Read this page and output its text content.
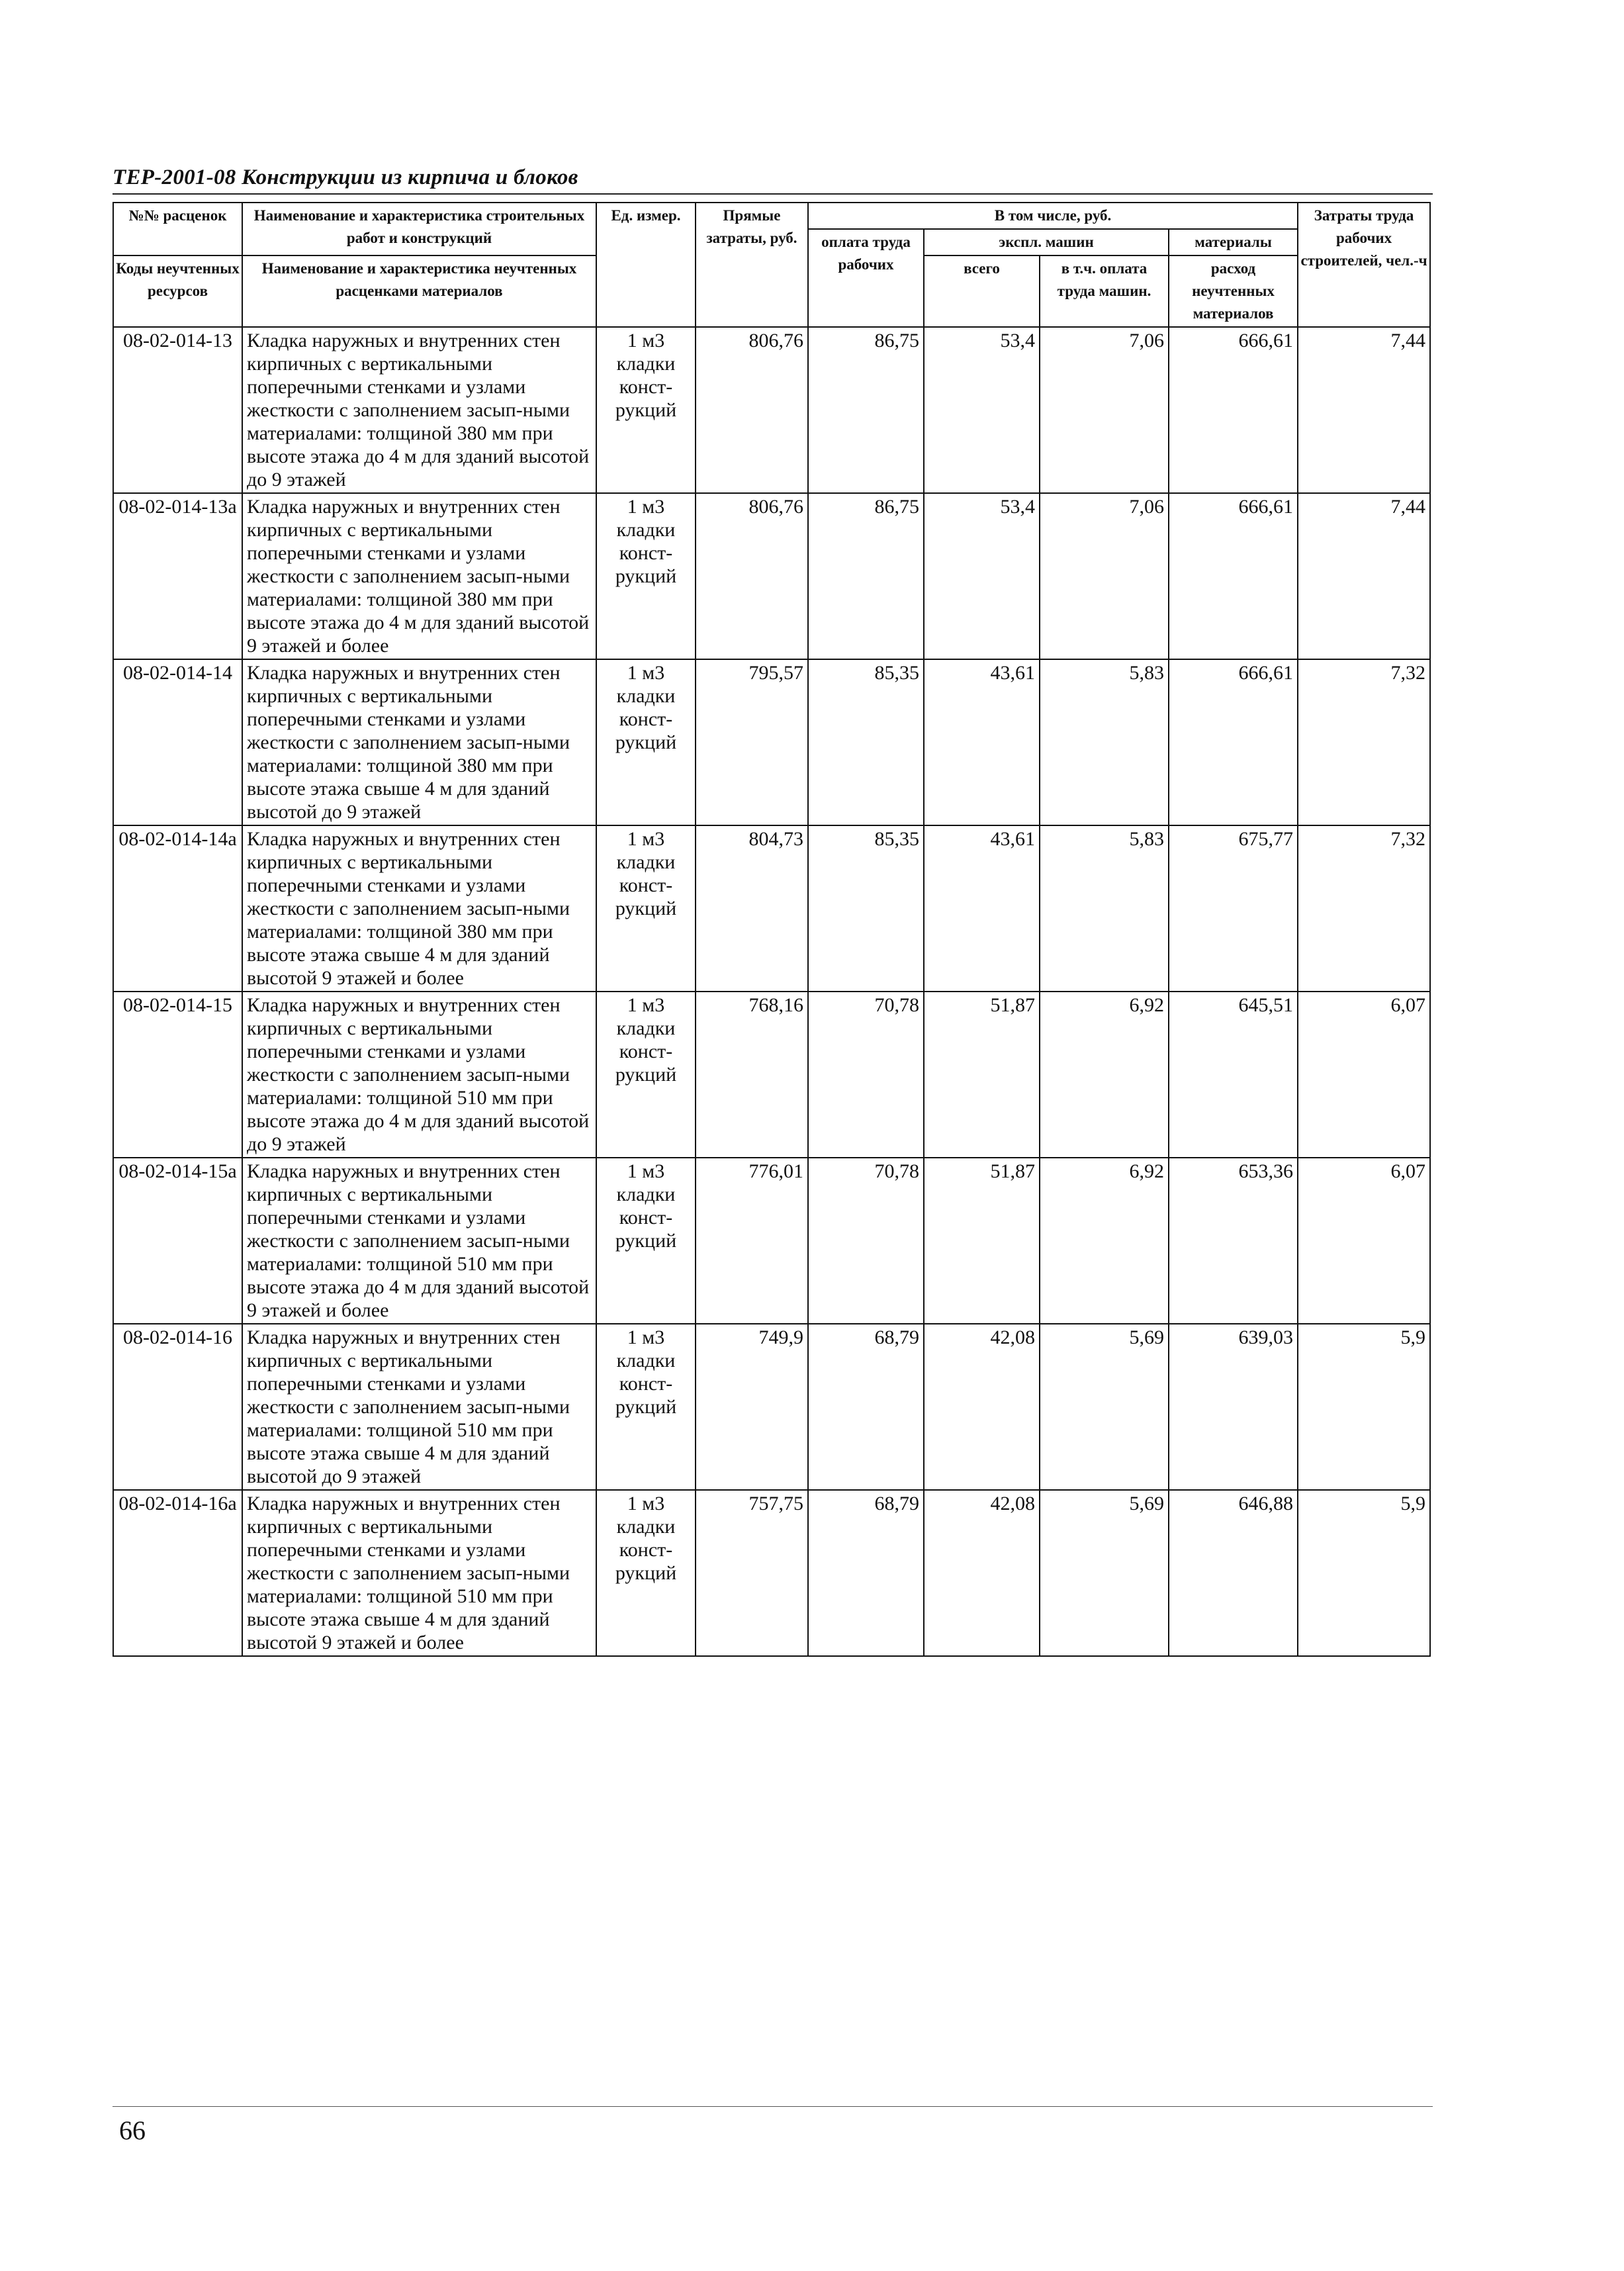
ТЕР-2001-08 Конструкции из кирпича и блоков
№№ расценок	Наименование и характеристика строительных работ и конструкций	Ед. измер.	Прямые затраты, руб.	В том числе, руб.				Затраты труда рабочих строителей, чел.-ч
				оплата труда рабочих	экспл. машин		материалы	
Коды неучтенных ресурсов	Наименование и характеристика неучтенных расценками материалов				всего	в т.ч. оплата труда машин.	расход неучтенных материалов	

08-02-014-13	Кладка наружных и внутренних стен кирпичных с вертикальными поперечными стенками и узлами жесткости с заполнением засып-ными материалами: толщиной 380 мм при высоте этажа до 4 м для зданий высотой до 9 этажей	1 м3 кладки конст-рукций	806,76	86,75	53,4	7,06	666,61	7,44
08-02-014-13а	Кладка наружных и внутренних стен кирпичных с вертикальными поперечными стенками и узлами жесткости с заполнением засып-ными материалами: толщиной 380 мм при высоте этажа до 4 м для зданий высотой 9 этажей и более	1 м3 кладки конст-рукций	806,76	86,75	53,4	7,06	666,61	7,44
08-02-014-14	Кладка наружных и внутренних стен кирпичных с вертикальными поперечными стенками и узлами жесткости с заполнением засып-ными материалами: толщиной 380 мм при высоте этажа свыше 4 м для зданий высотой до 9 этажей	1 м3 кладки конст-рукций	795,57	85,35	43,61	5,83	666,61	7,32
08-02-014-14а	Кладка наружных и внутренних стен кирпичных с вертикальными поперечными стенками и узлами жесткости с заполнением засып-ными материалами: толщиной 380 мм при высоте этажа свыше 4 м для зданий высотой 9 этажей и более	1 м3 кладки конст-рукций	804,73	85,35	43,61	5,83	675,77	7,32
08-02-014-15	Кладка наружных и внутренних стен кирпичных с вертикальными поперечными стенками и узлами жесткости с заполнением засып-ными материалами: толщиной 510 мм при высоте этажа до 4 м для зданий высотой до 9 этажей	1 м3 кладки конст-рукций	768,16	70,78	51,87	6,92	645,51	6,07
08-02-014-15а	Кладка наружных и внутренних стен кирпичных с вертикальными поперечными стенками и узлами жесткости с заполнением засып-ными материалами: толщиной 510 мм при высоте этажа до 4 м для зданий высотой 9 этажей и более	1 м3 кладки конст-рукций	776,01	70,78	51,87	6,92	653,36	6,07
08-02-014-16	Кладка наружных и внутренних стен кирпичных с вертикальными поперечными стенками и узлами жесткости с заполнением засып-ными материалами: толщиной 510 мм при высоте этажа свыше 4 м для зданий высотой до 9 этажей	1 м3 кладки конст-рукций	749,9	68,79	42,08	5,69	639,03	5,9
08-02-014-16а	Кладка наружных и внутренних стен кирпичных с вертикальными поперечными стенками и узлами жесткости с заполнением засып-ными материалами: толщиной 510 мм при высоте этажа свыше 4 м для зданий высотой 9 этажей и более	1 м3 кладки конст-рукций	757,75	68,79	42,08	5,69	646,88	5,9
66
